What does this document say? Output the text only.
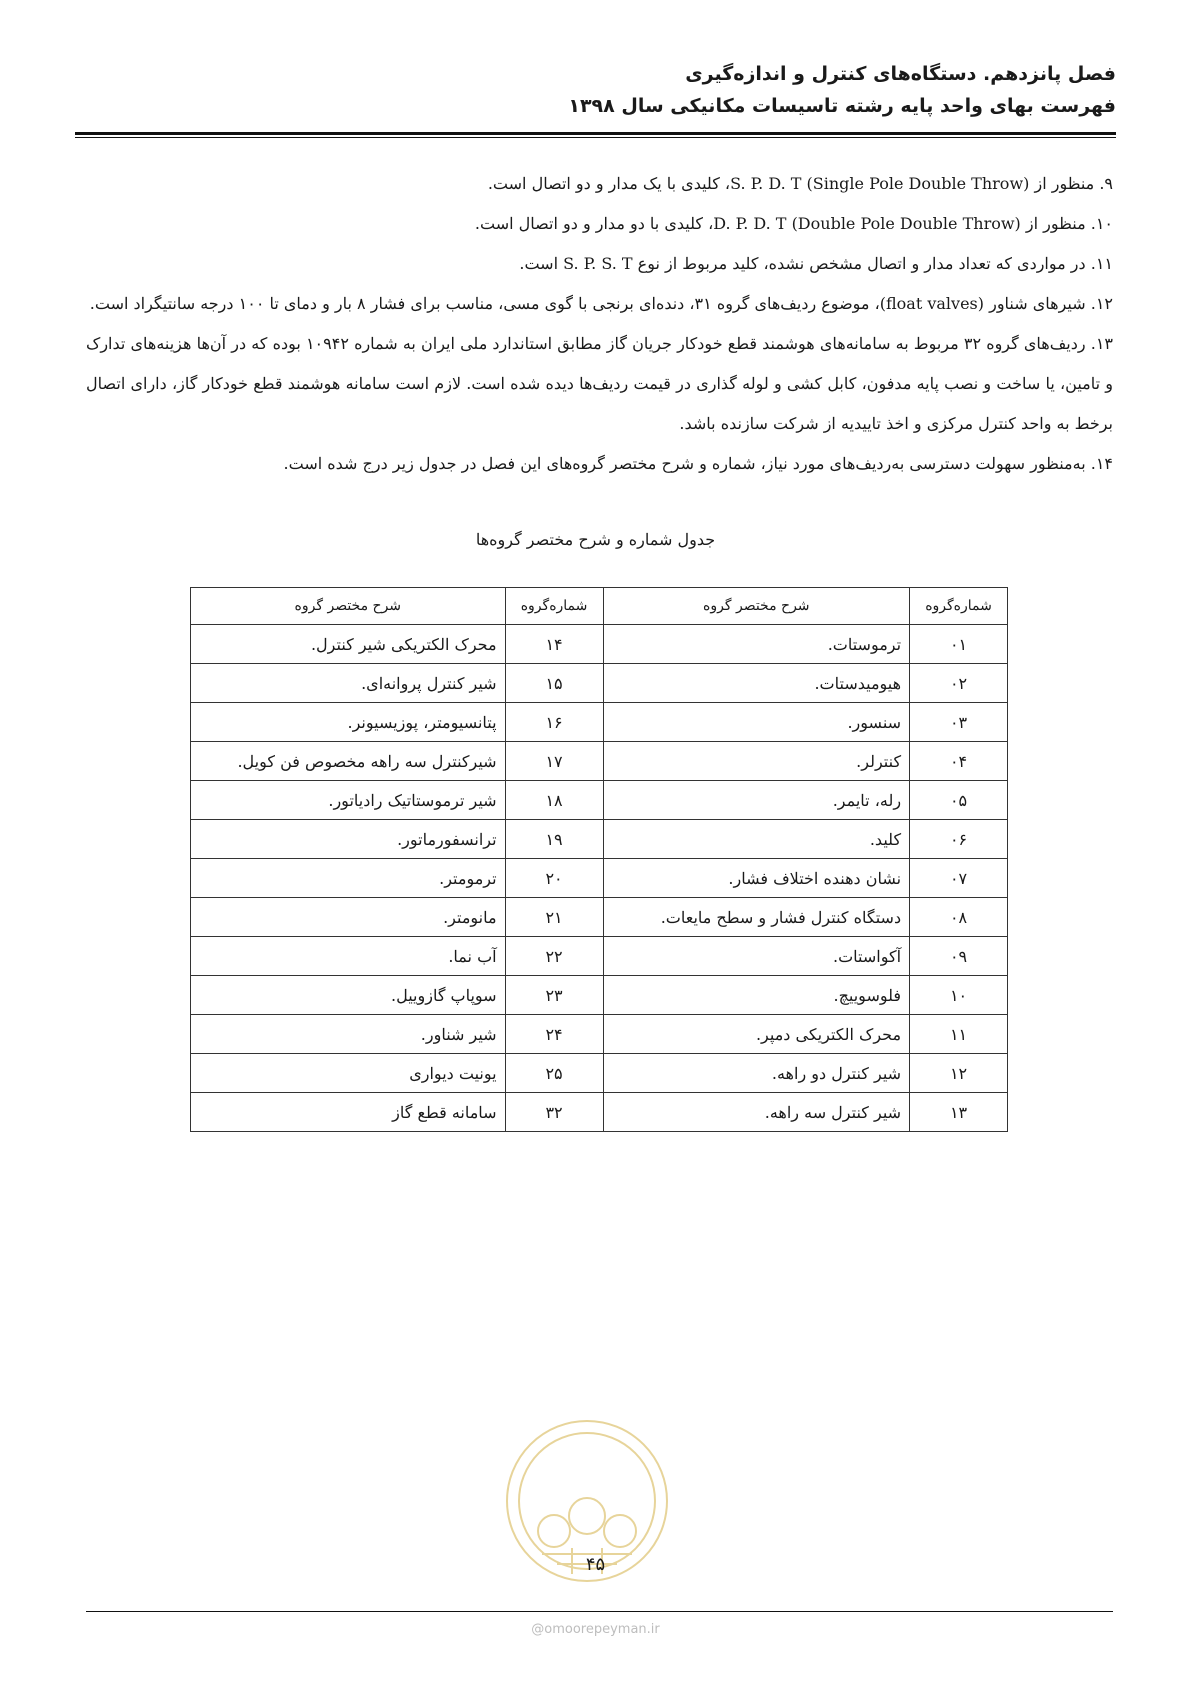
فصل پانزدهم. دستگاه‌های کنترل و اندازه‌گیری
فهرست بهای واحد پایه رشته تاسیسات مکانیکی سال ۱۳۹۸

۹. منظور از S. P. D. T (Single Pole Double Throw)، کلیدی با یک مدار و دو اتصال است.

۱۰. منظور از D. P. D. T (Double Pole Double Throw)، کلیدی با دو مدار و دو اتصال است.

۱۱. در مواردی که تعداد مدار و اتصال مشخص نشده، کلید مربوط از نوع S. P. S. T است.

۱۲. شیرهای شناور (float valves)، موضوع ردیف‌های گروه ۳۱، دنده‌ای برنجی با گوی مسی، مناسب برای فشار ۸ بار و دمای تا ۱۰۰ درجه سانتیگراد است.

۱۳. ردیف‌های گروه ۳۲ مربوط به سامانه‌های هوشمند قطع خودکار جریان گاز مطابق استاندارد ملی ایران به شماره ۱۰۹۴۲ بوده که در آن‌ها هزینه‌های تدارک و تامین، یا ساخت و نصب پایه مدفون، کابل کشی و لوله گذاری در قیمت ردیف‌ها دیده شده است. لازم است سامانه هوشمند قطع خودکار گاز، دارای اتصال برخط به واحد کنترل مرکزی و اخذ تاییدیه از شرکت سازنده باشد.

۱۴. به‌منظور سهولت دسترسی به‌ردیف‌های مورد نیاز، شماره و شرح مختصر گروه‌های این فصل در جدول زیر درج شده است.

جدول شماره و شرح مختصر گروه‌ها
شماره‌گروه	شرح مختصر گروه	شماره‌گروه	شرح مختصر گروه
۰۱	ترموستات.	۱۴	محرک الکتریکی شیر کنترل.
۰۲	هیومیدستات.	۱۵	شیر کنترل پروانه‌ای.
۰۳	سنسور.	۱۶	پتانسیومتر، پوزیسیونر.
۰۴	کنترلر.	۱۷	شیرکنترل سه راهه مخصوص فن کویل.
۰۵	رله، تایمر.	۱۸	شیر ترموستاتیک رادیاتور.
۰۶	کلید.	۱۹	ترانسفورماتور.
۰۷	نشان دهنده اختلاف فشار.	۲۰	ترمومتر.
۰۸	دستگاه کنترل فشار و سطح مایعات.	۲۱	مانومتر.
۰۹	آکواستات.	۲۲	آب نما.
۱۰	فلوسوییچ.	۲۳	سوپاپ گازوییل.
۱۱	محرک الکتریکی دمپر.	۲۴	شیر شناور.
۱۲	شیر کنترل دو راهه.	۲۵	یونیت دیواری
۱۳	شیر کنترل سه راهه.	۳۲	سامانه قطع گاز
۴۵
@omoorepeyman.ir
